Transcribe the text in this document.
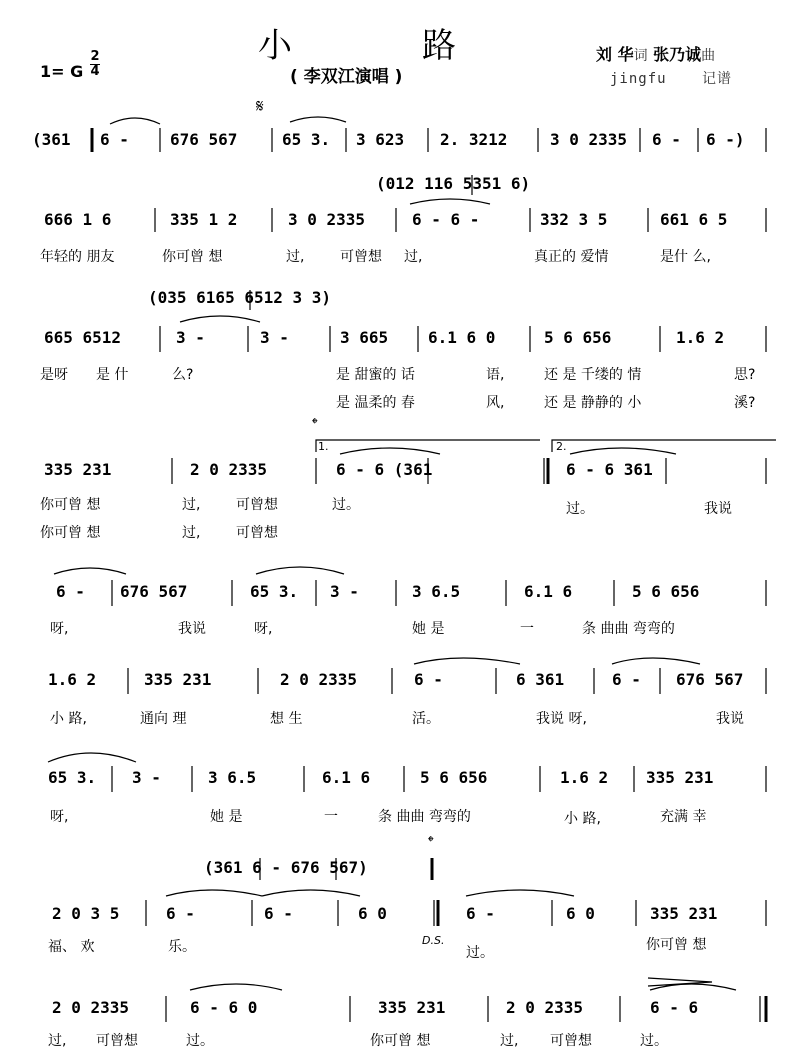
小	路
( 李双江演唱 )
1= G
2
4
刘 华词 张乃诚曲
jingfu	记谱
𝄋
𝄌
𝄌
D.S.
1.	2.
(361 6 -	676 567	65 3. 3 623 2. 3212	3 0 2335 6 - 6 -)
(012 116 5351 6)
666 1 6	335 1 2	3 0 2335	6 - 6 -	332 3 5	661 6 5
年轻的 朋友	你可曾 想	过,	可曾想 过,	真正的 爱情	是什 么,
(035 6165 6512 3 3)
665 6512	3 -	3 -	3 665 6.1 6 0	5 6 656	1.6 2
是呀 是 什	么?	是 甜蜜的 话	语,	还 是 千缕的 情	思?
是 温柔的 春	风,	还 是 静静的 小	溪?
335 231	2 0 2335	6 - 6 (361	6 - 6 361
你可曾 想	过,	可曾想	过。	过。	我说
你可曾 想	过,	可曾想
6 - 676 567	65 3. 3 -	3 6.5	6.1 6	5 6 656
呀,	我说	呀,	她 是	一	条 曲曲 弯弯的
1.6 2	335 231	2 0 2335	6 -	6 361	6 - 676 567
小 路,	通向 理	想 生	活。	我说 呀,	我说
65 3. 3 -	3 6.5	6.1 6	5 6 656	1.6 2 335 231
呀,	她 是	一	条 曲曲 弯弯的	小 路,	充满 幸
(361 6 - 676 567)
2 0 3 5	6 -	6 -	6 0	6 -	6 0	335 231
福、 欢	乐。	过。	你可曾 想
2 0 2335	6 - 6 0	335 231	2 0 2335	6 - 6
过, 可曾想	过。	你可曾 想	过, 可曾想	过。
